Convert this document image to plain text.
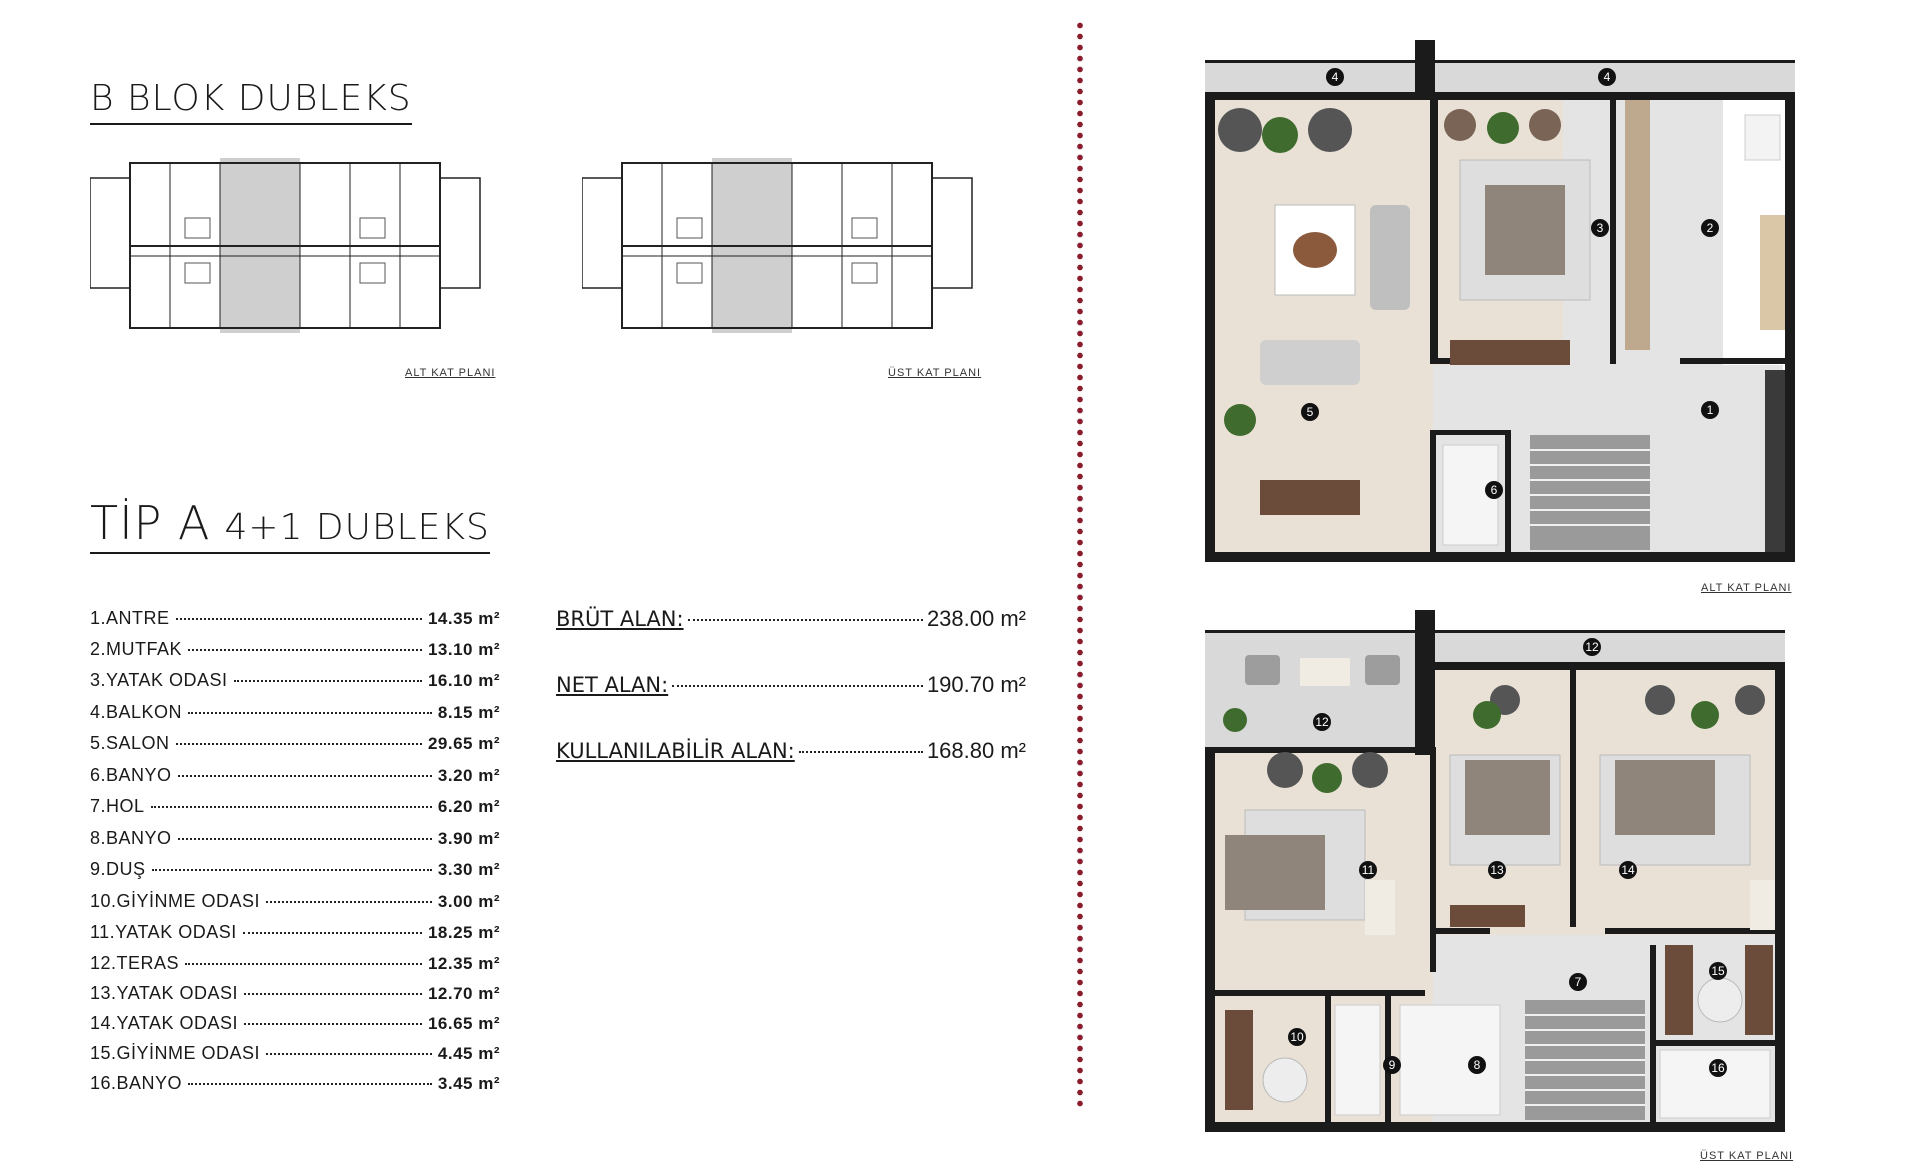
B BLOK DUBLEKS
ALT KAT PLANI	ÜST KAT PLANI
TİP A 4+1 DUBLEKS
1.ANTRE	14.35 m²
2.MUTFAK	13.10 m²
3.YATAK ODASI	16.10 m²
4.BALKON	8.15 m²
5.SALON	29.65 m²
6.BANYO	3.20 m²
7.HOL	6.20 m²
8.BANYO	3.90 m²
9.DUŞ	3.30 m²
10.GİYİNME ODASI	3.00 m²
11.YATAK ODASI	18.25 m²
12.TERAS	12.35 m²
13.YATAK ODASI	12.70 m²
14.YATAK ODASI	16.65 m²
15.GİYİNME ODASI	4.45 m²
16.BANYO	3.45 m²
BRÜT ALAN:	238.00 m²
NET ALAN:	190.70 m²
KULLANILABİLİR ALAN:	168.80 m²
4	4
3	2
5	1
6
ALT KAT PLANI
12
12
11	13	14
15
7
10
9	8	16
ÜST KAT PLANI
